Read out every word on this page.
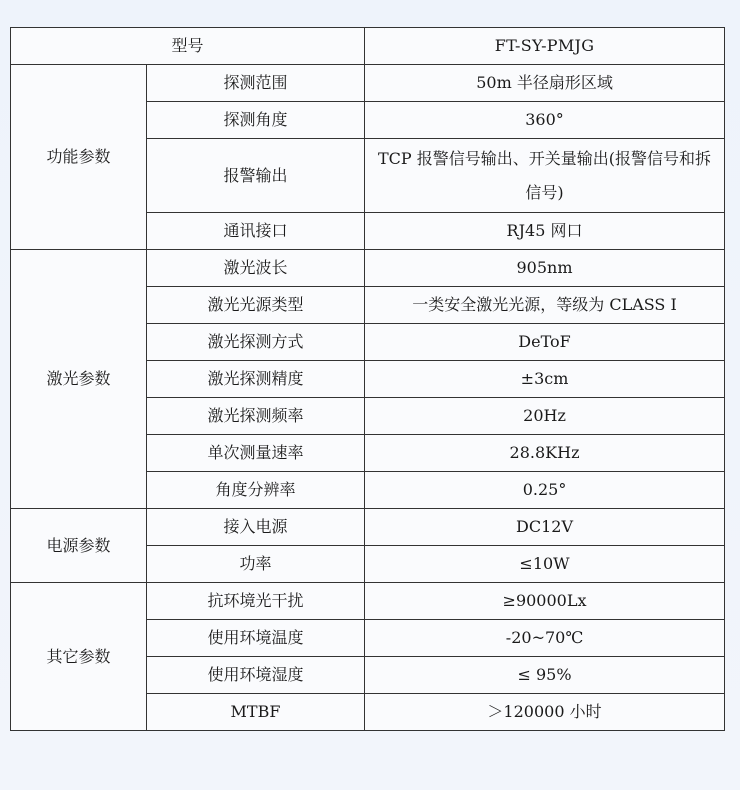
型号		FT-SY-PMJG
功能参数	探测范围	50m 半径扇形区域
	探测角度	360°
	报警输出	TCP 报警信号输出、开关量输出(报警信号和拆信号)
	通讯接口	RJ45 网口
激光参数	激光波长	905nm
	激光光源类型	一类安全激光光源，等级为 CLASS I
	激光探测方式	DeToF
	激光探测精度	±3cm
	激光探测频率	20Hz
	单次测量速率	28.8KHz
	角度分辨率	0.25°
电源参数	接入电源	DC12V
	功率	≤10W
其它参数	抗环境光干扰	≥90000Lx
	使用环境温度	-20~70℃
	使用环境湿度	≤ 95%
	MTBF	＞120000 小时
